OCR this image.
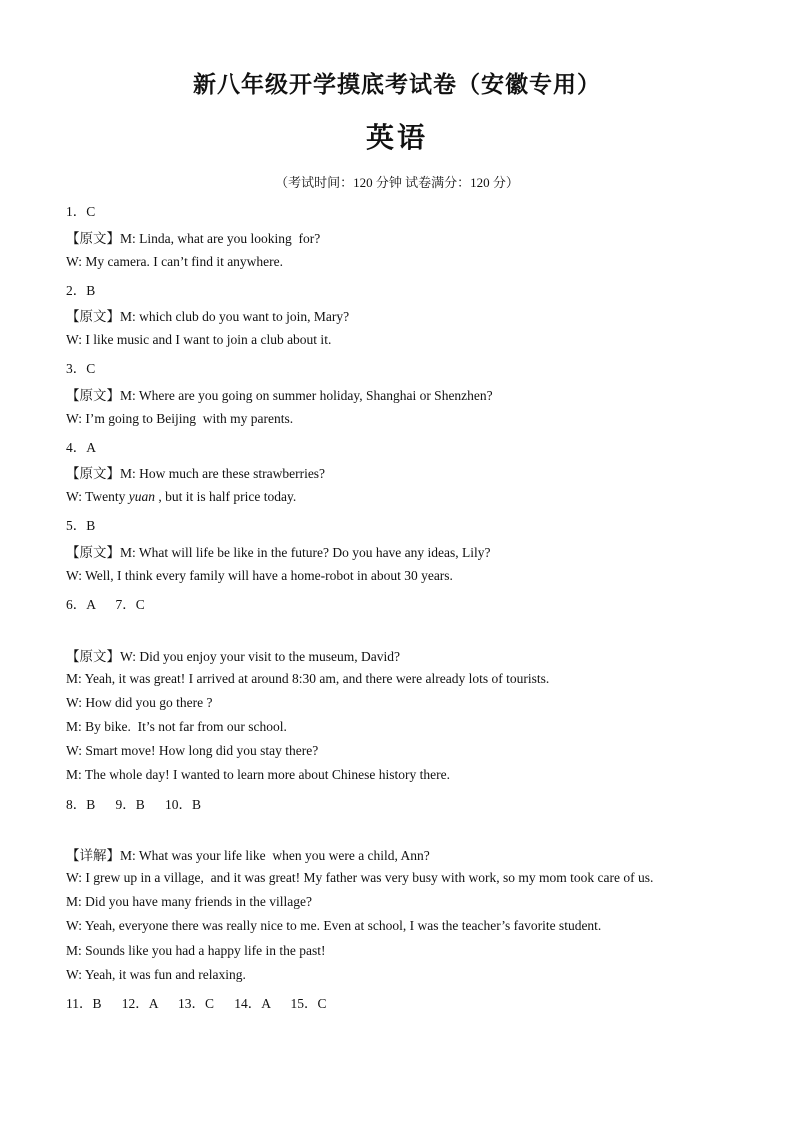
新八年级开学摸底考试卷（安徽专用）
英语
（考试时间：120 分钟 试卷满分：120 分）
1．C
【原文】M: Linda, what are you looking  for?
W: My camera. I can’t find it anywhere.
2．B
【原文】M: which club do you want to join, Mary?
W: I like music and I want to join a club about it.
3．C
【原文】M: Where are you going on summer holiday, Shanghai or Shenzhen?
W: I’m going to Beijing  with my parents.
4．A
【原文】M: How much are these strawberries?
W: Twenty yuan , but it is half price today.
5．B
【原文】M: What will life be like in the future? Do you have any ideas, Lily?
W: Well, I think every family will have a home-robot in about 30 years.
6．A      7．C
【原文】W: Did you enjoy your visit to the museum, David?
M: Yeah, it was great! I arrived at around 8:30 am, and there were already lots of tourists.
W: How did you go there ?
M: By bike.  It’s not far from our school.
W: Smart move! How long did you stay there?
M: The whole day! I wanted to learn more about Chinese history there.
8．B      9．B      10．B
【详解】M: What was your life like  when you were a child, Ann?
W: I grew up in a village,  and it was great! My father was very busy with work, so my mom took care of us.
M: Did you have many friends in the village?
W: Yeah, everyone there was really nice to me. Even at school, I was the teacher’s favorite student.
M: Sounds like you had a happy life in the past!
W: Yeah, it was fun and relaxing.
11．B      12．A      13．C      14．A      15．C
